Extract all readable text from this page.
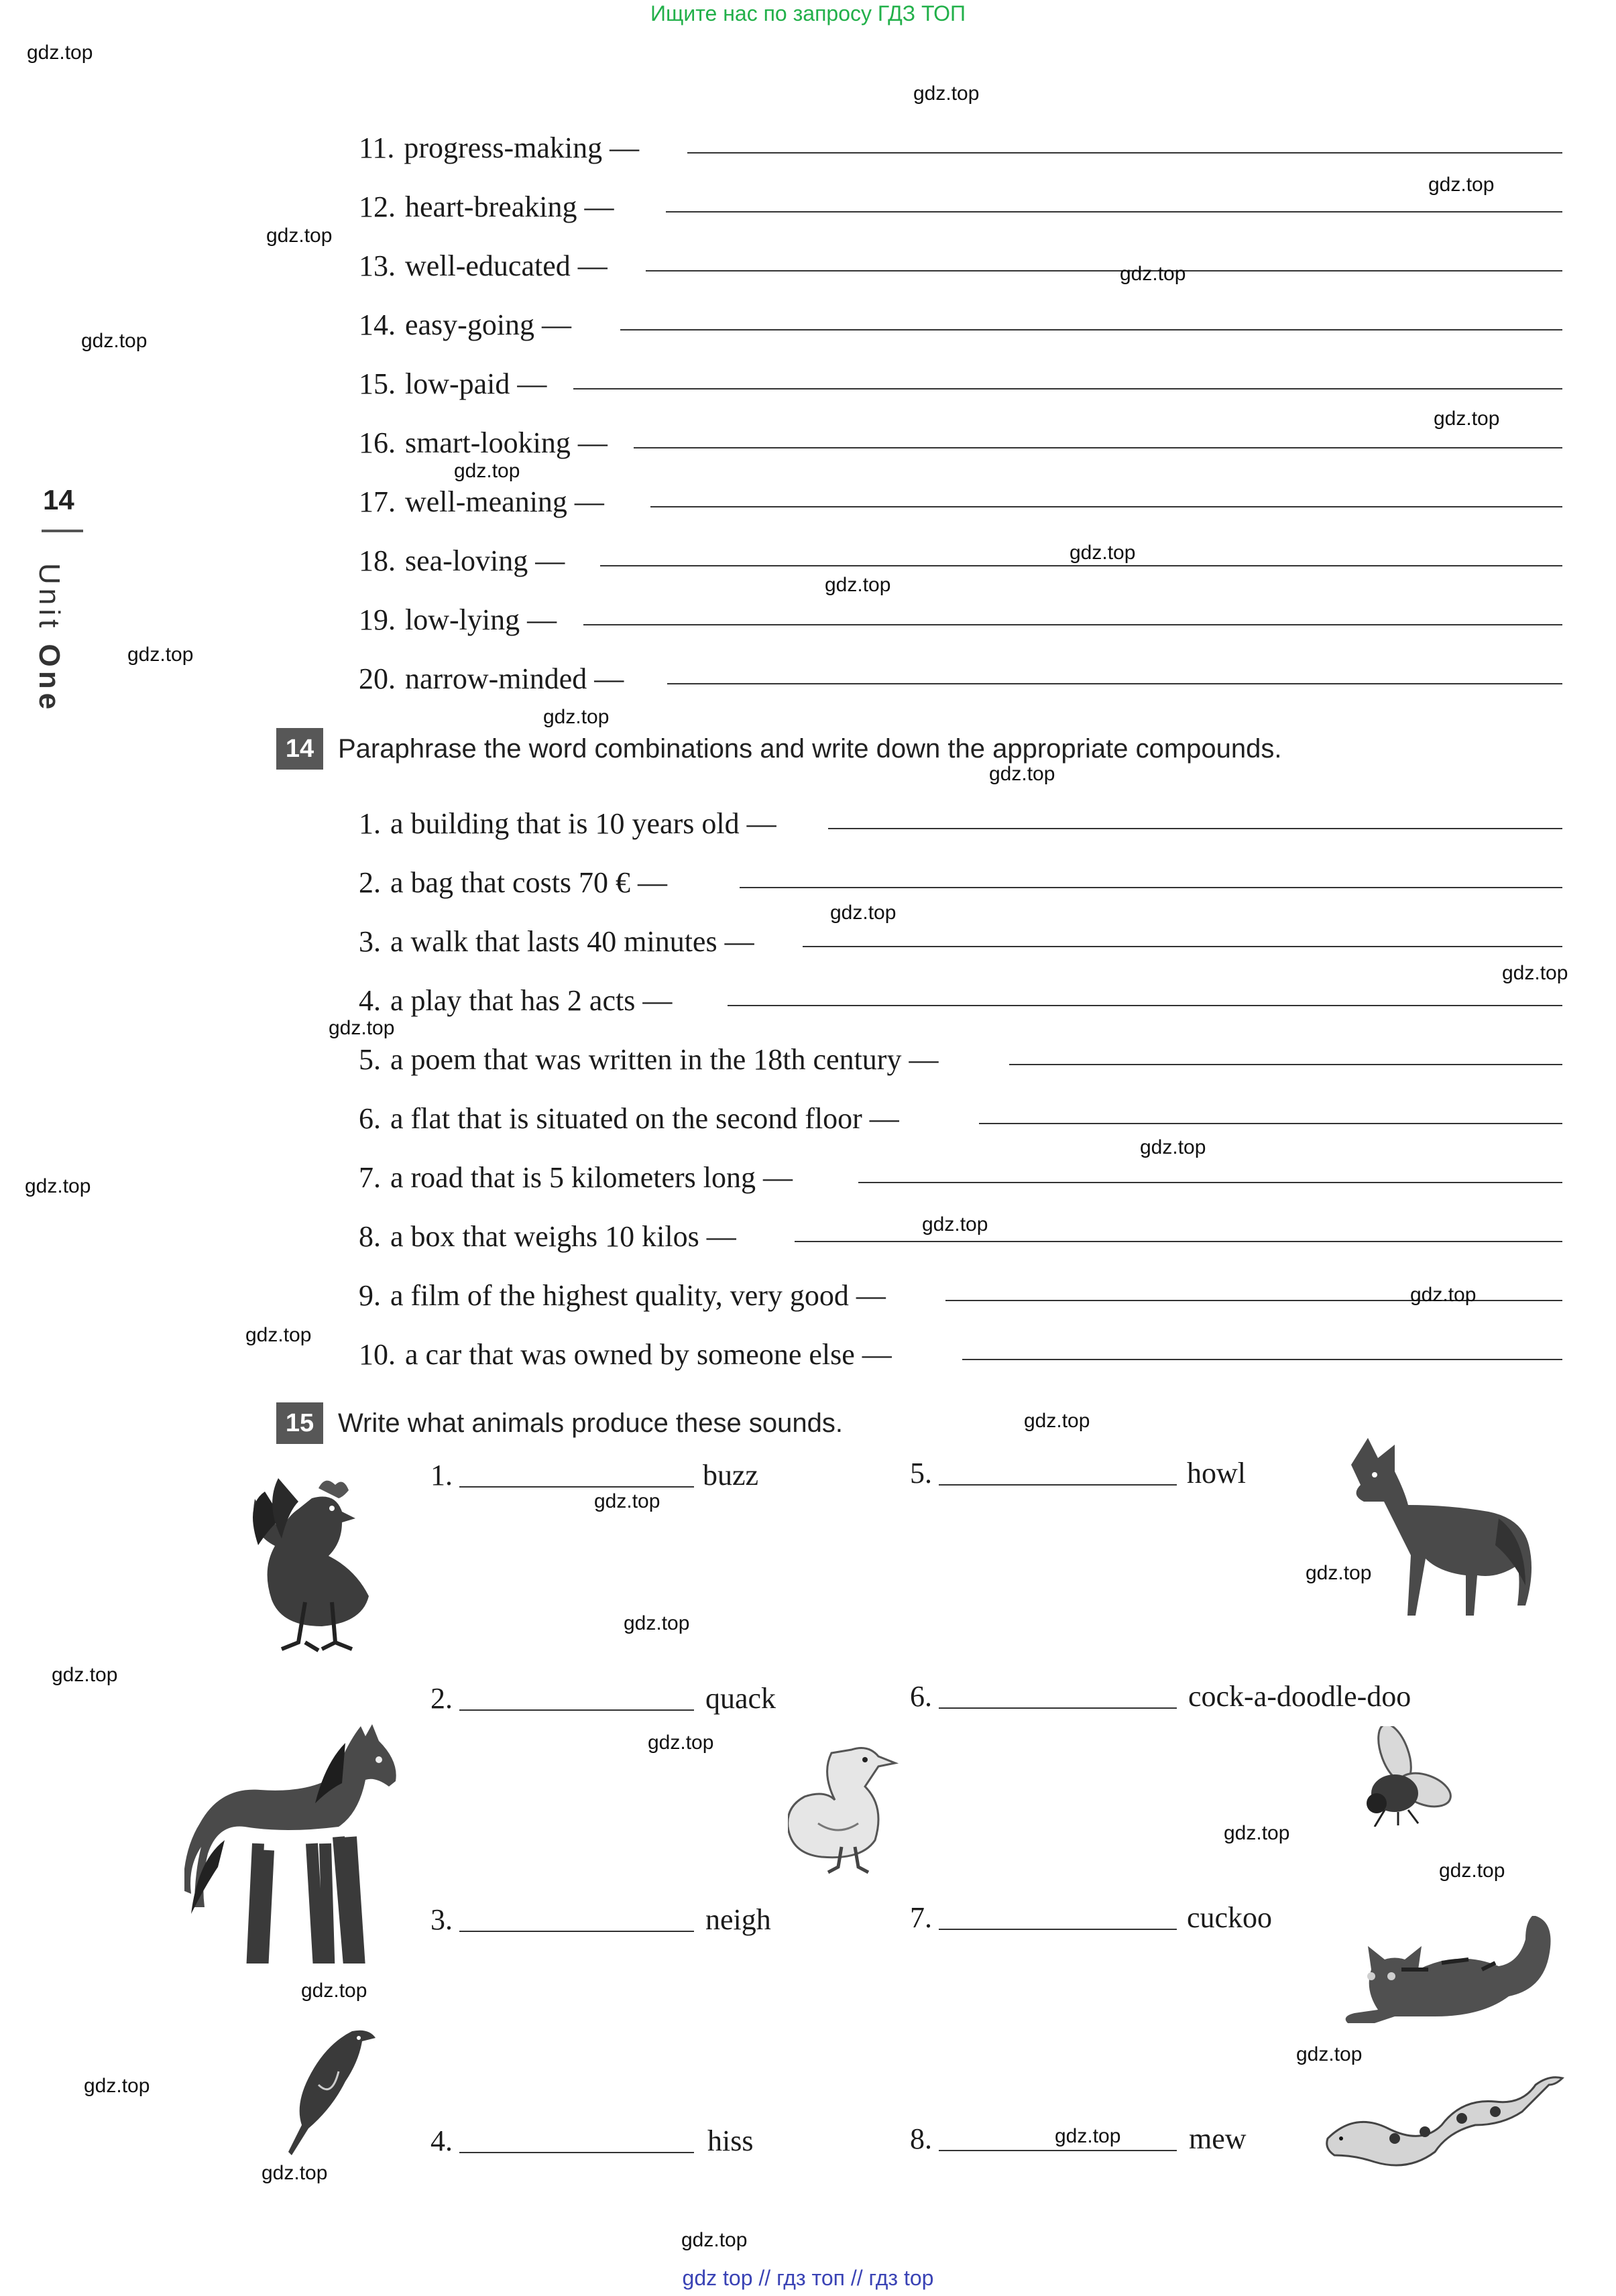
Ищите нас по запросу ГДЗ ТОП
14
Unit One
11. progress-making —
12. heart-breaking —
13. well-educated —
14. easy-going —
15. low-paid —
16. smart-looking —
17. well-meaning —
18. sea-loving —
19. low-lying —
20. narrow-minded —
14 Paraphrase the word combinations and write down the appropriate compounds.
1. a building that is 10 years old —
2. a bag that costs 70 € —
3. a walk that lasts 40 minutes —
4. a play that has 2 acts —
5. a poem that was written in the 18th century —
6. a flat that is situated on the second floor —
7. a road that is 5 kilometers long —
8. a box that weighs 10 kilos —
9. a film of the highest quality, very good —
10. a car that was owned by someone else —
15 Write what animals produce these sounds.
1.	buzz
2.	quack
3.	neigh
4.	hiss
5.	howl
6.	cock-a-doodle-doo
7.	cuckoo
8.	mew
gdz.top
gdz.top
gdz.top
gdz.top
gdz.top
gdz.top
gdz.top
gdz.top
gdz.top
gdz.top
gdz.top
gdz.top
gdz.top
gdz.top
gdz.top
gdz.top
gdz.top
gdz.top
gdz.top
gdz.top
gdz.top
gdz.top
gdz.top
gdz.top
gdz.top
gdz.top
gdz.top
gdz.top
gdz.top
gdz.top
gdz.top
gdz.top
gdz.top
gdz.top
gdz.top
gdz top // гдз топ // гдз top
